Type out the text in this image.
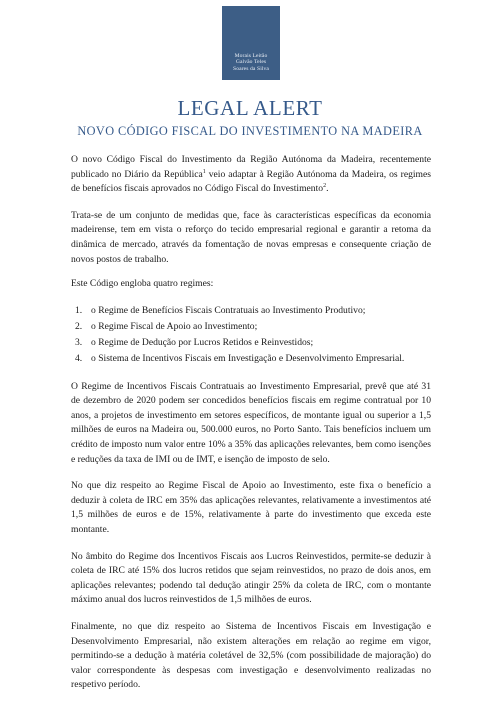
Morais Leitão
Galvão Teles
Soares da Silva
LEGAL ALERT
NOVO CÓDIGO FISCAL DO INVESTIMENTO NA MADEIRA

O novo Código Fiscal do Investimento da Região Autónoma da Madeira, recentemente publicado no Diário da República$^1$ veio adaptar à Região Autónoma da Madeira, os regimes de benefícios fiscais aprovados no Código Fiscal do Investimento$^2$.

Trata-se de um conjunto de medidas que, face às características específicas da economia madeirense, tem em vista o reforço do tecido empresarial regional e garantir a retoma da dinâmica de mercado, através da fomentação de novas empresas e consequente criação de novos postos de trabalho.

Este Código engloba quatro regimes:

1. o Regime de Benefícios Fiscais Contratuais ao Investimento Produtivo;
2. o Regime Fiscal de Apoio ao Investimento;
3. o Regime de Dedução por Lucros Retidos e Reinvestidos;
4. o Sistema de Incentivos Fiscais em Investigação e Desenvolvimento Empresarial.

O Regime de Incentivos Fiscais Contratuais ao Investimento Empresarial, prevê que até 31 de dezembro de 2020 podem ser concedidos benefícios fiscais em regime contratual por 10 anos, a projetos de investimento em setores específicos, de montante igual ou superior a 1,5 milhões de euros na Madeira ou, 500.000 euros, no Porto Santo. Tais benefícios incluem um crédito de imposto num valor entre 10% a 35% das aplicações relevantes, bem como isenções e reduções da taxa de IMI ou de IMT, e isenção de imposto de selo.

No que diz respeito ao Regime Fiscal de Apoio ao Investimento, este fixa o benefício a deduzir à coleta de IRC em 35% das aplicações relevantes, relativamente a investimentos até 1,5 milhões de euros e de 15%, relativamente à parte do investimento que exceda este montante.

No âmbito do Regime dos Incentivos Fiscais aos Lucros Reinvestidos, permite-se deduzir à coleta de IRC até 15% dos lucros retidos que sejam reinvestidos, no prazo de dois anos, em aplicações relevantes; podendo tal dedução atingir 25% da coleta de IRC, com o montante máximo anual dos lucros reinvestidos de 1,5 milhões de euros.

Finalmente, no que diz respeito ao Sistema de Incentivos Fiscais em Investigação e Desenvolvimento Empresarial, não existem alterações em relação ao regime em vigor, permitindo-se a dedução à matéria coletável de 32,5% (com possibilidade de majoração) do valor correspondente às despesas com investigação e desenvolvimento realizadas no respetivo período.
